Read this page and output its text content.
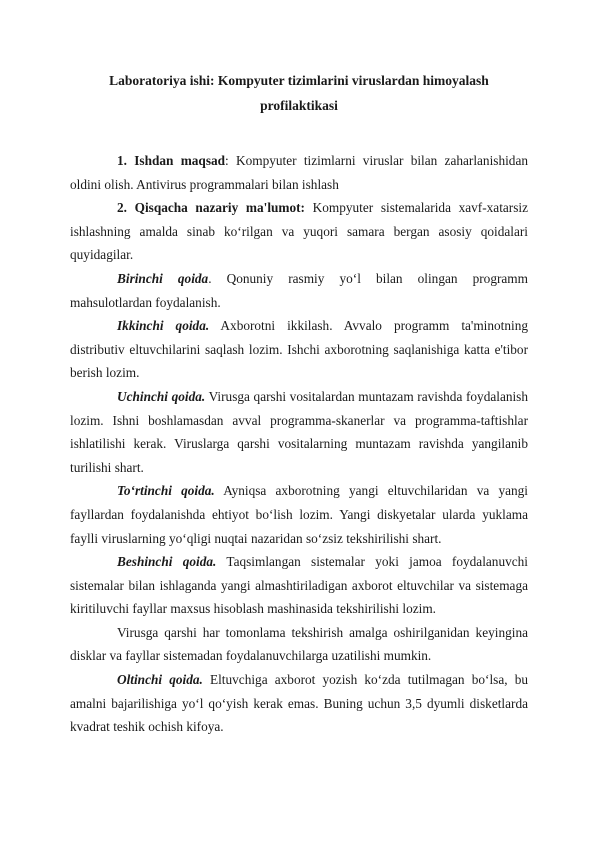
Laboratoriya ishi: Kompyuter tizimlarini viruslardan himoyalash
profilaktikasi

1. Ishdan maqsad: Kompyuter tizimlarni viruslar bilan zaharlanishidan oldini olish. Antivirus programmalari bilan ishlash

2. Qisqacha nazariy ma'lumot: Kompyuter sistemalarida xavf-xatarsiz ishlashning amalda sinab ko‘rilgan va yuqori samara bergan asosiy qoidalari quyidagilar.

Birinchi qoida. Qonuniy rasmiy yo‘l bilan olingan programm mahsulotlardan foydalanish.

Ikkinchi qoida. Axborotni ikkilash. Avvalo programm ta'minotning distributiv eltuvchilarini saqlash lozim. Ishchi axborotning saqlanishiga katta e'tibor berish lozim.

Uchinchi qoida. Virusga qarshi vositalardan muntazam ravishda foydalanish lozim. Ishni boshlamasdan avval programma-skanerlar va programma-taftishlar ishlatilishi kerak. Viruslarga qarshi vositalarning muntazam ravishda yangilanib turilishi shart.

To‘rtinchi qoida. Ayniqsa axborotning yangi eltuvchilaridan va yangi fayllardan foydalanishda ehtiyot bo‘lish lozim. Yangi diskyetalar ularda yuklama faylli viruslarning yo‘qligi nuqtai nazaridan so‘zsiz tekshirilishi shart.

Beshinchi qoida. Taqsimlangan sistemalar yoki jamoa foydalanuvchi sistemalar bilan ishlaganda yangi almashtiriladigan axborot eltuvchilar va sistemaga kiritiluvchi fayllar maxsus hisoblash mashinasida tekshirilishi lozim.

Virusga qarshi har tomonlama tekshirish amalga oshirilganidan keyingina disklar va fayllar sistemadan foydalanuvchilarga uzatilishi mumkin.

Oltinchi qoida. Eltuvchiga axborot yozish ko‘zda tutilmagan bo‘lsa, bu amalni bajarilishiga yo‘l qo‘yish kerak emas. Buning uchun 3,5 dyumli disketlarda kvadrat teshik ochish kifoya.
